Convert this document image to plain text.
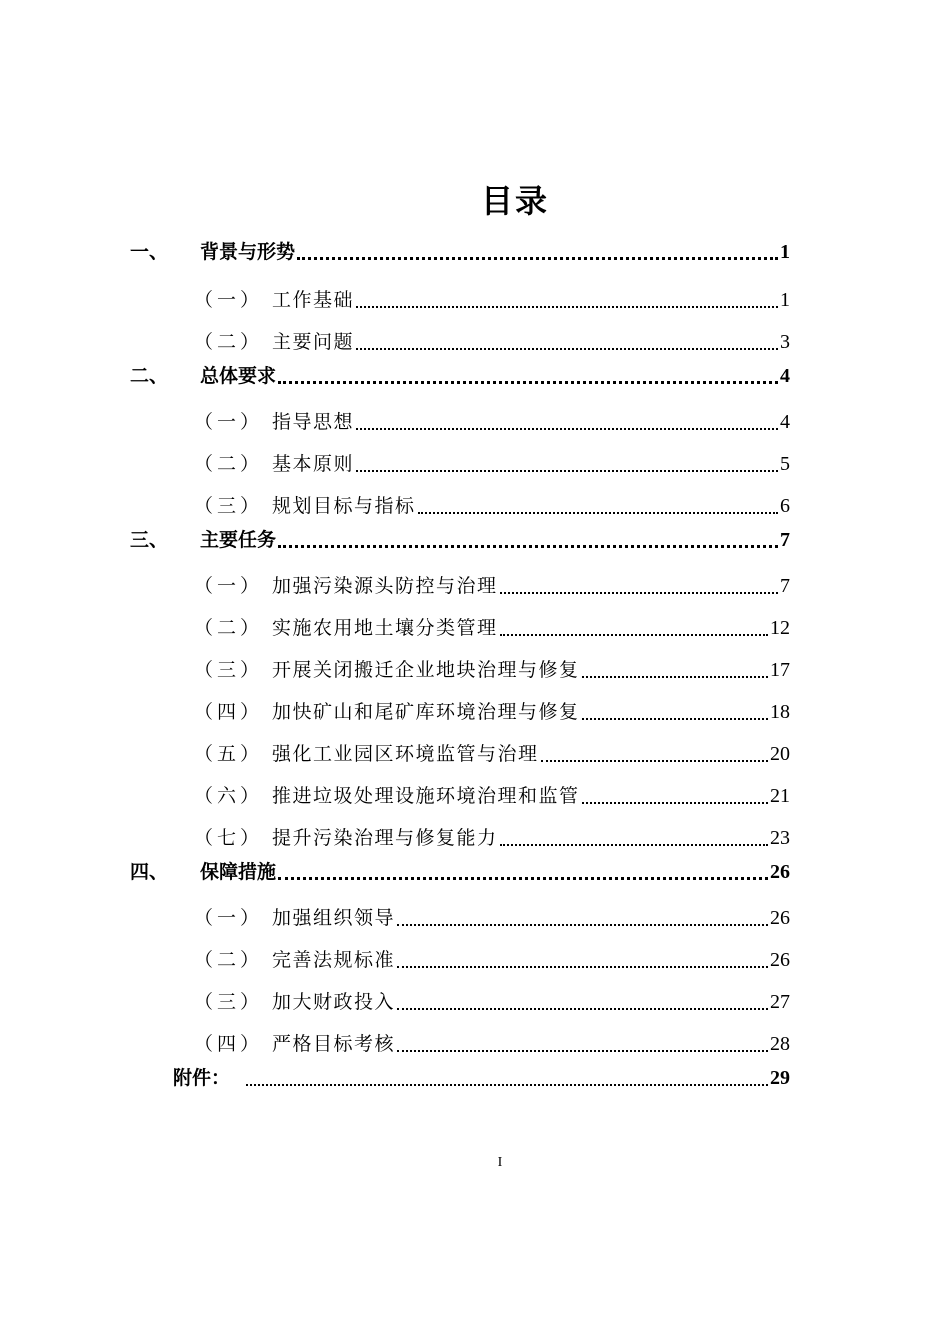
目录
一、	背景与形势	1
（一） 工作基础	1
（二） 主要问题	3
二、	总体要求	4
（一） 指导思想	4
（二） 基本原则	5
（三） 规划目标与指标	6
三、	主要任务	7
（一） 加强污染源头防控与治理	7
（二） 实施农用地土壤分类管理	12
（三） 开展关闭搬迁企业地块治理与修复	17
（四） 加快矿山和尾矿库环境治理与修复	18
（五） 强化工业园区环境监管与治理	20
（六） 推进垃圾处理设施环境治理和监管	21
（七） 提升污染治理与修复能力	23
四、	保障措施	26
（一） 加强组织领导	26
（二） 完善法规标准	26
（三） 加大财政投入	27
（四） 严格目标考核	28
附件：	29
I
